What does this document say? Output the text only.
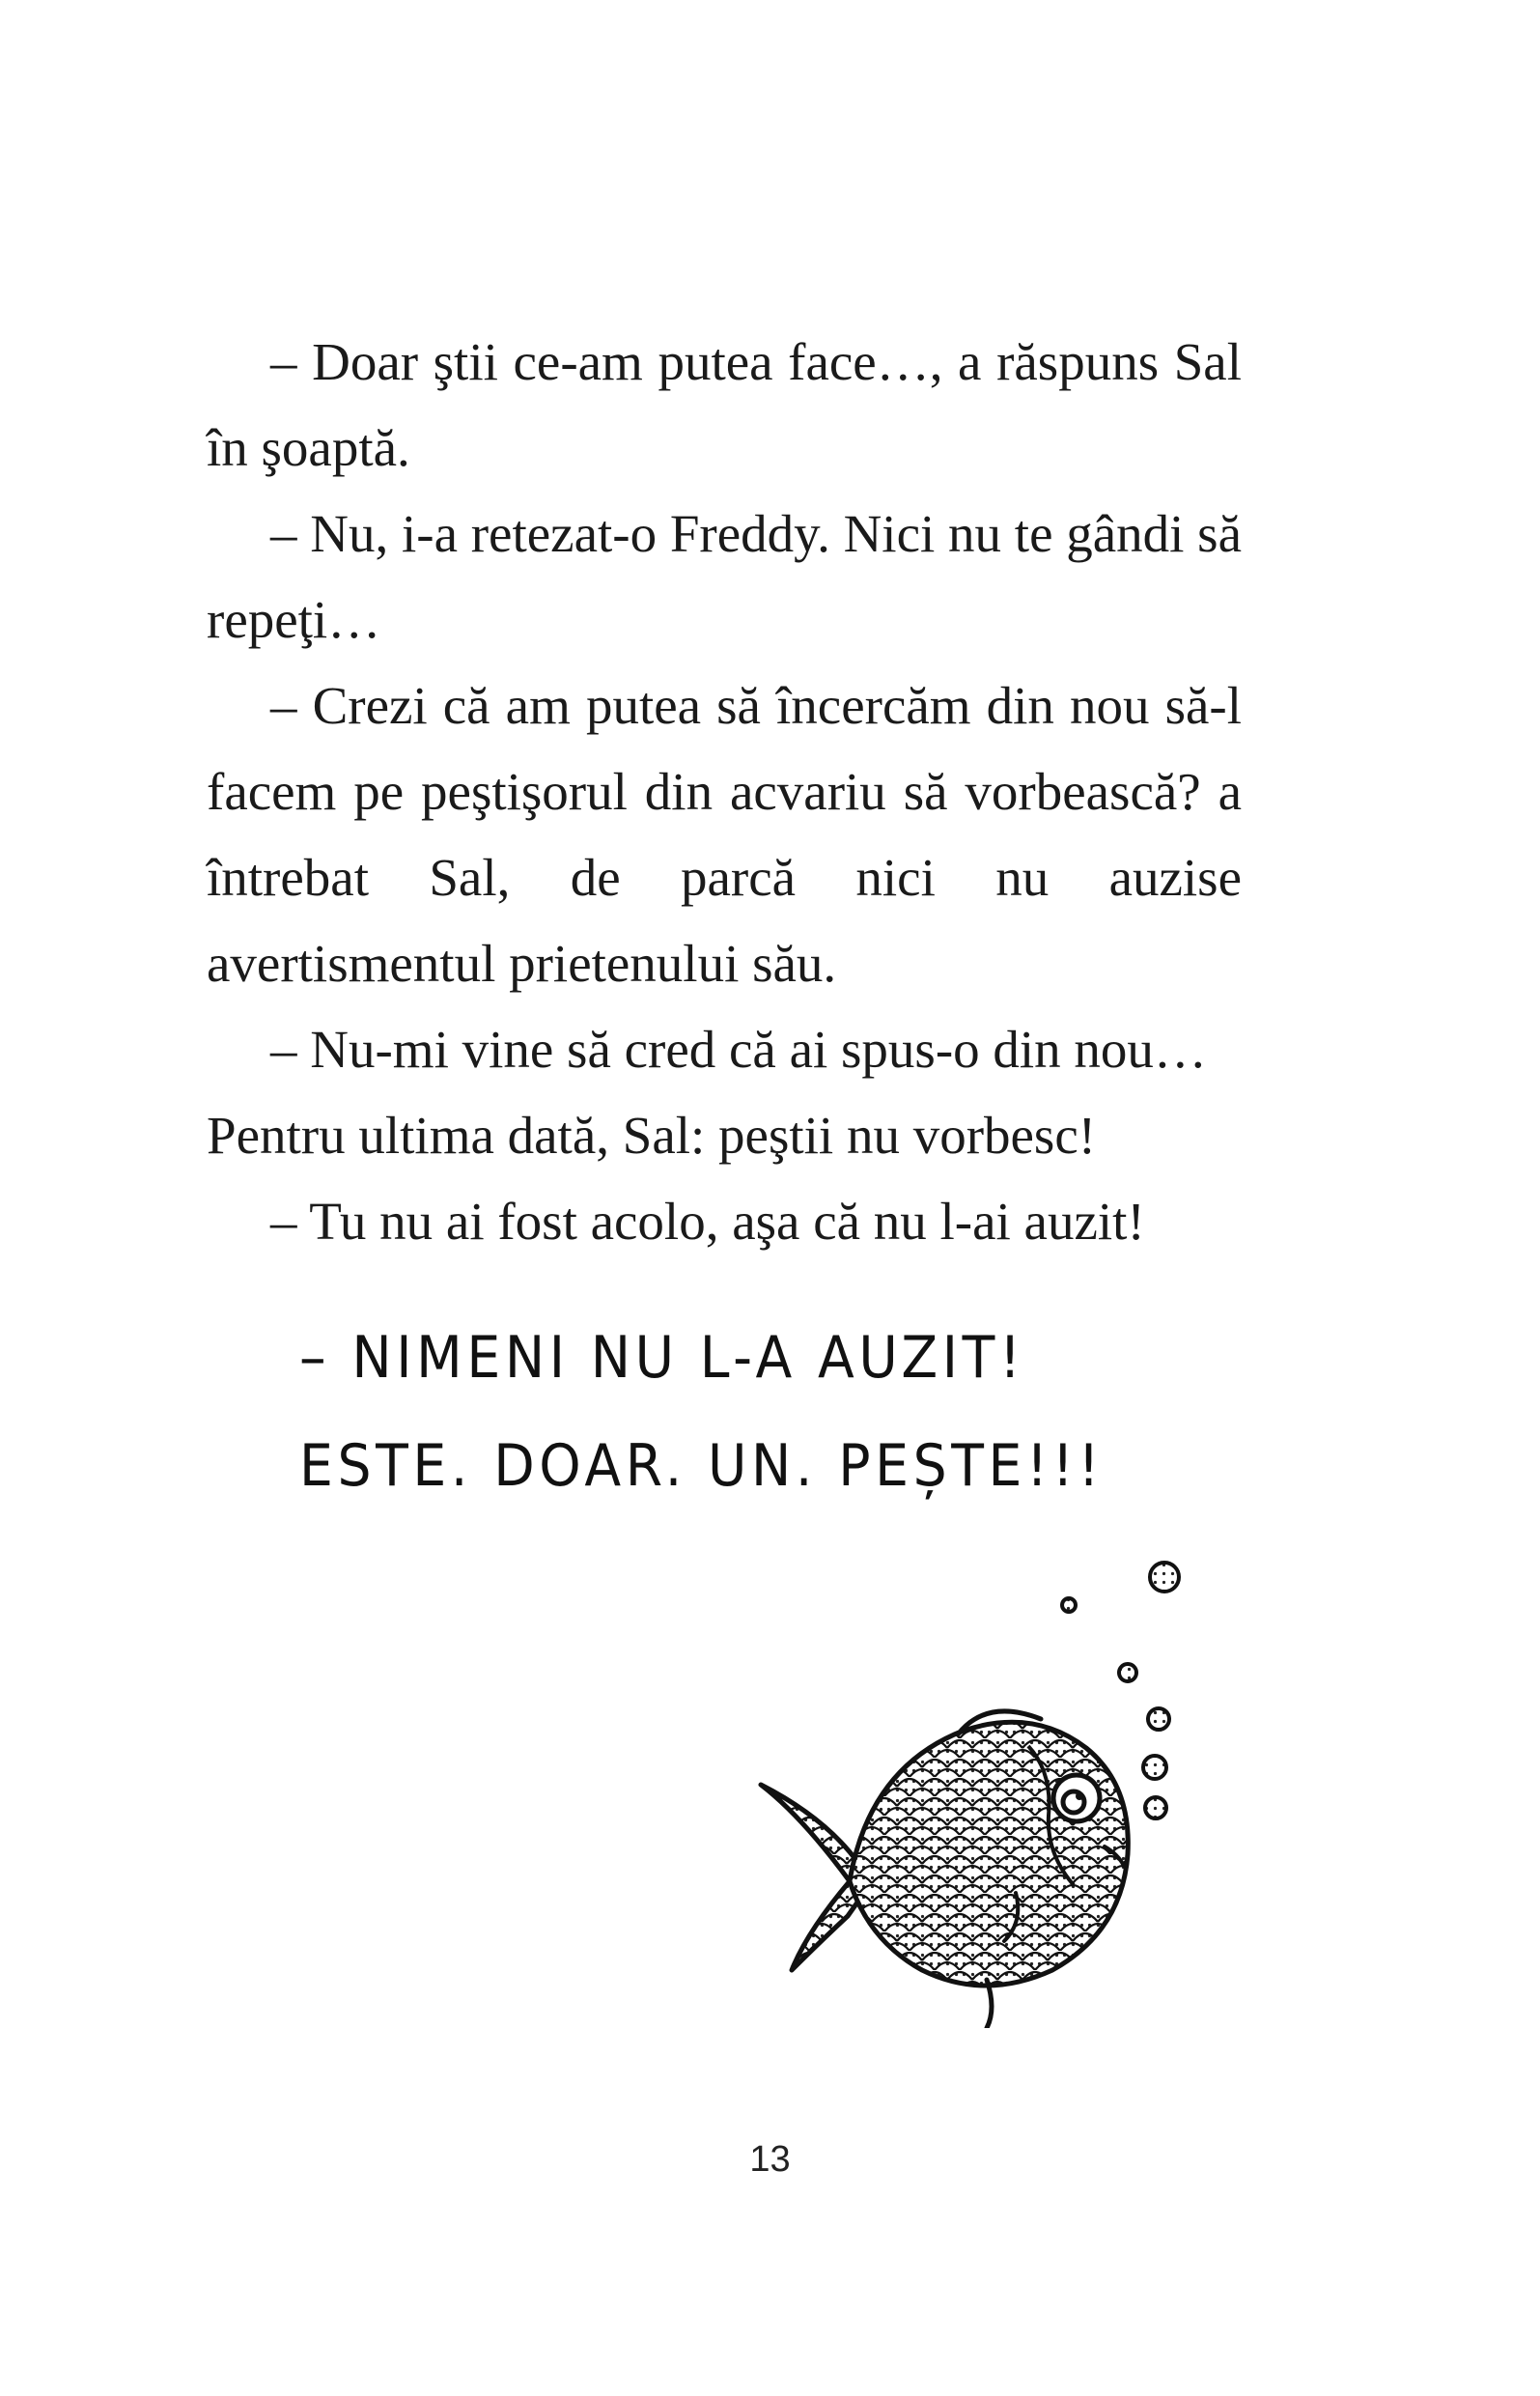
– Doar ştii ce-am putea face…, a răspuns Sal în şoaptă.

– Nu, i-a retezat-o Freddy. Nici nu te gândi să repeţi…

– Crezi că am putea să încercăm din nou să-l facem pe peştişorul din acvariu să vorbească? a întrebat Sal, de parcă nici nu auzise avertismentul prietenului său.

– Nu-mi vine să cred că ai spus-o din nou…

Pentru ultima dată, Sal: peştii nu vorbesc!

– Tu nu ai fost acolo, aşa că nu l-ai auzit!

– NIMENI NU L-A AUZIT!
ESTE. DOAR. UN. PEȘTE!!!
13
